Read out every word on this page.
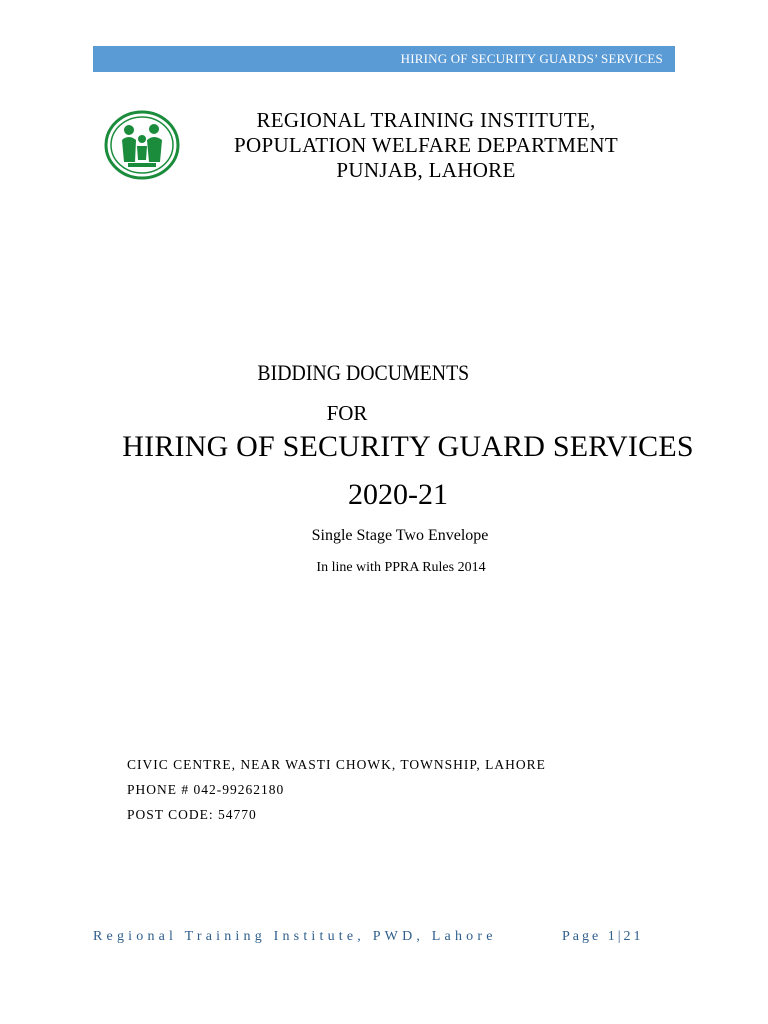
HIRING OF SECURITY GUARDS’ SERVICES
REGIONAL TRAINING INSTITUTE,
POPULATION WELFARE DEPARTMENT
PUNJAB, LAHORE
BIDDING DOCUMENTS
FOR
HIRING OF SECURITY GUARD SERVICES
2020-21
Single Stage Two Envelope
In line with PPRA Rules 2014
CIVIC CENTRE, NEAR WASTI CHOWK, TOWNSHIP, LAHORE
PHONE # 042-99262180
POST CODE: 54770
Regional Training Institute, PWD, Lahore	Page 1|21
